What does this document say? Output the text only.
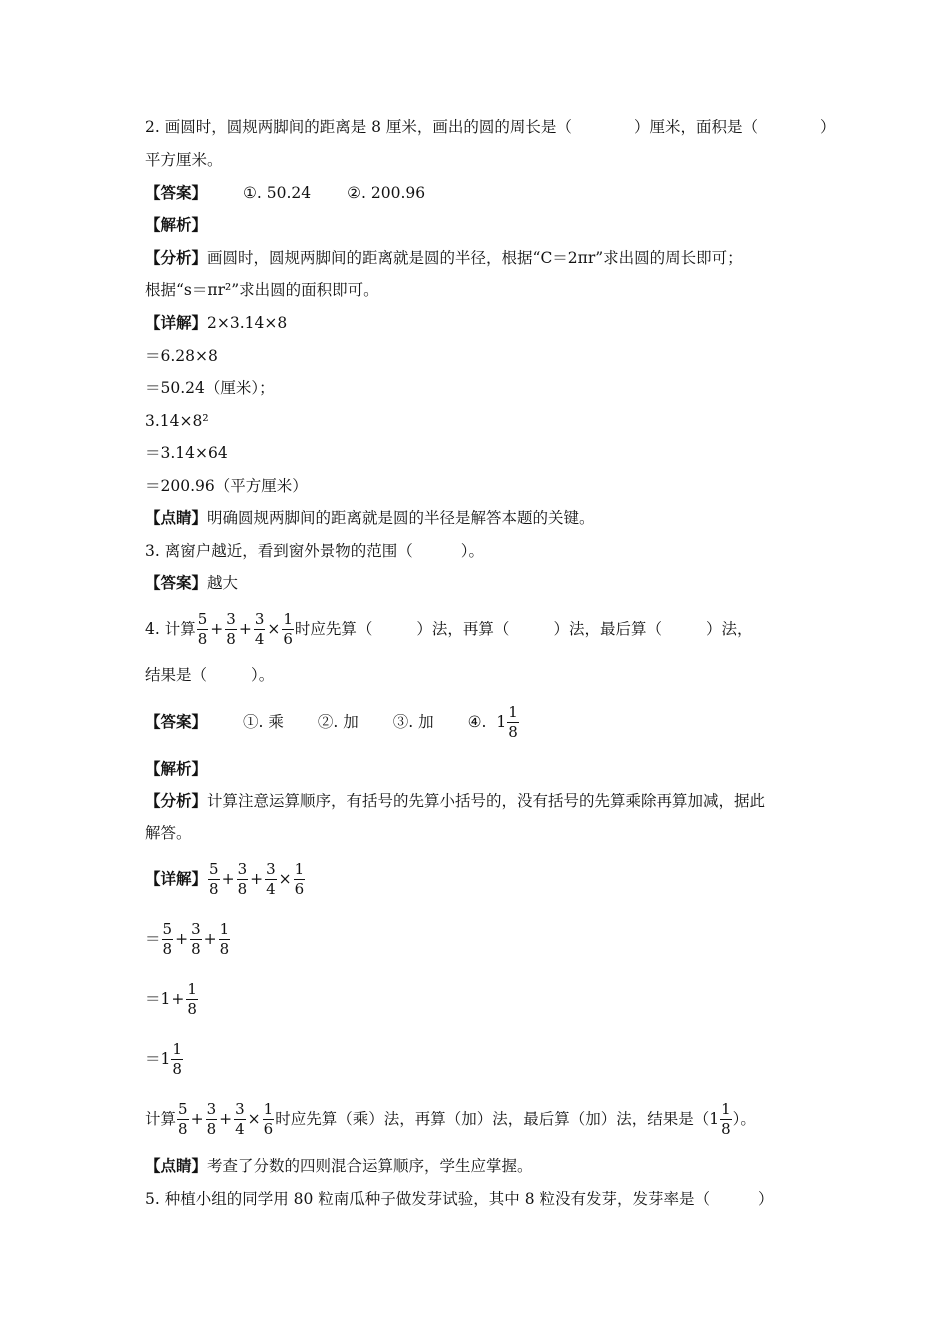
2. 画圆时，圆规两脚间的距离是 8 厘米，画出的圆的周长是（	）厘米，面积是（	）
平方厘米。
【答案】 ①. 50.24 ②. 200.96
【解析】
【分析】画圆时，圆规两脚间的距离就是圆的半径，根据“C＝2πr”求出圆的周长即可；
根据“s＝πr²”求出圆的面积即可。
【详解】2×3.14×8
＝6.28×8
＝50.24（厘米）；
3.14×8²
＝3.14×64
＝200.96（平方厘米）
【点睛】明确圆规两脚间的距离就是圆的半径是解答本题的关键。
3. 离窗户越近，看到窗外景物的范围（	）。
【答案】越大
4. 计算 $\frac{5}{8} + \frac{3}{8} + \frac{3}{4} \times \frac{1}{6}$ 时应先算（	）法，再算（	）法，最后算（	）法，
结果是（	）。
【答案】 ①. 乘 ②. 加 ③. 加 ④. $1 \frac{1}{8}$
【解析】
【分析】计算注意运算顺序，有括号的先算小括号的，没有括号的先算乘除再算加减，据此
解答。
【详解】 $\frac{5}{8} + \frac{3}{8} + \frac{3}{4} \times \frac{1}{6}$
＝ $\frac{5}{8} + \frac{3}{8} + \frac{1}{8}$
$=1+ \frac{1}{8}$
$=1 \frac{1}{8}$
计算 $\frac{5}{8} + \frac{3}{8} + \frac{3}{4} \times \frac{1}{6}$ 时应先算（乘）法，再算（加）法，最后算（加）法，结果是（$1 \frac{1}{8}$ ）。
【点睛】考查了分数的四则混合运算顺序，学生应掌握。
5. 种植小组的同学用 80 粒南瓜种子做发芽试验，其中 8 粒没有发芽，发芽率是（	）
